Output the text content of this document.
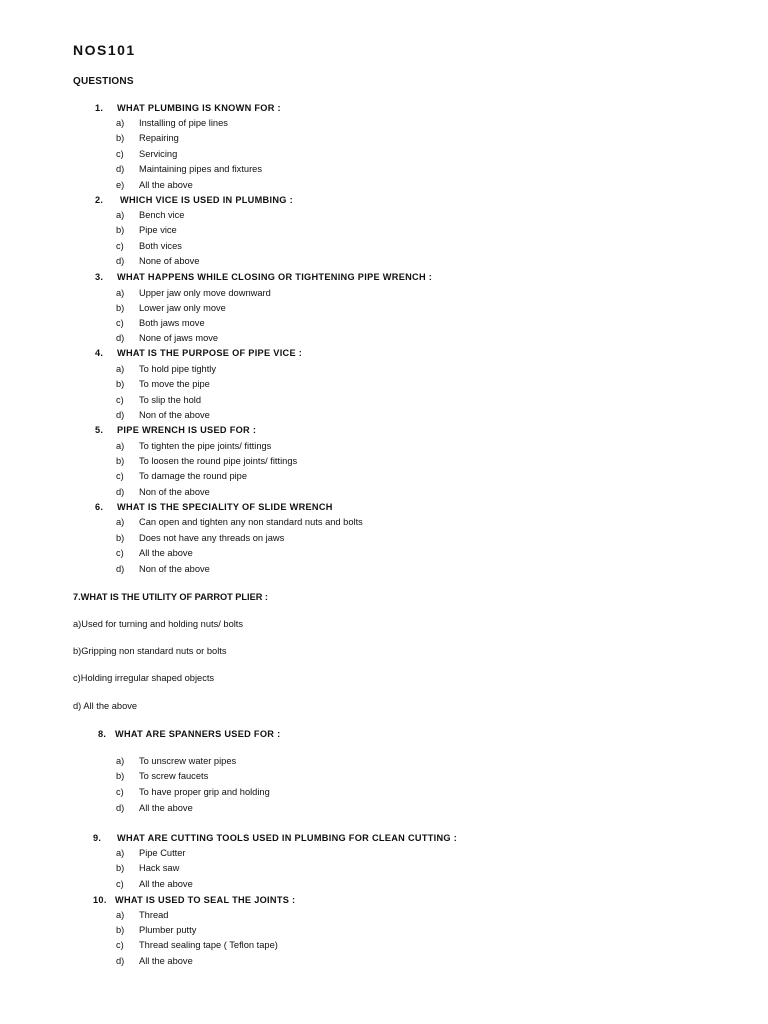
NOS101
QUESTIONS
1.	WHAT PLUMBING IS KNOWN FOR :
a) Installing of pipe lines
b) Repairing
c) Servicing
d) Maintaining pipes and fixtures
e) All the above
2.	WHICH VICE IS USED IN PLUMBING :
a) Bench vice
b) Pipe vice
c) Both vices
d) None of above
3.	WHAT HAPPENS WHILE CLOSING OR TIGHTENING PIPE WRENCH :
a) Upper jaw only move downward
b) Lower jaw only move
c) Both jaws move
d) None of jaws move
4.	WHAT IS THE PURPOSE OF PIPE VICE :
a) To hold pipe tightly
b) To move the pipe
c) To slip the hold
d) Non of the above
5.	PIPE WRENCH IS USED FOR :
a) To tighten the pipe joints/ fittings
b) To loosen the round pipe joints/ fittings
c) To damage the round pipe
d) Non of the above
6.	WHAT IS THE SPECIALITY OF SLIDE WRENCH
a) Can open and tighten any non standard nuts and bolts
b) Does not have any threads on jaws
c) All the above
d) Non of the above
7.WHAT IS THE UTILITY OF PARROT PLIER :
a)Used for turning and holding nuts/ bolts
b)Gripping non standard nuts or bolts
c)Holding irregular shaped objects
d) All the above
8. WHAT ARE SPANNERS USED FOR :
a) To unscrew water pipes
b) To screw faucets
c) To have proper grip and holding
d) All the above
9.	WHAT ARE CUTTING TOOLS USED IN PLUMBING FOR CLEAN CUTTING :
a) Pipe Cutter
b) Hack saw
c) All the above
10. WHAT IS USED TO SEAL THE JOINTS :
a) Thread
b) Plumber putty
c) Thread sealing tape ( Teflon tape)
d) All the above
